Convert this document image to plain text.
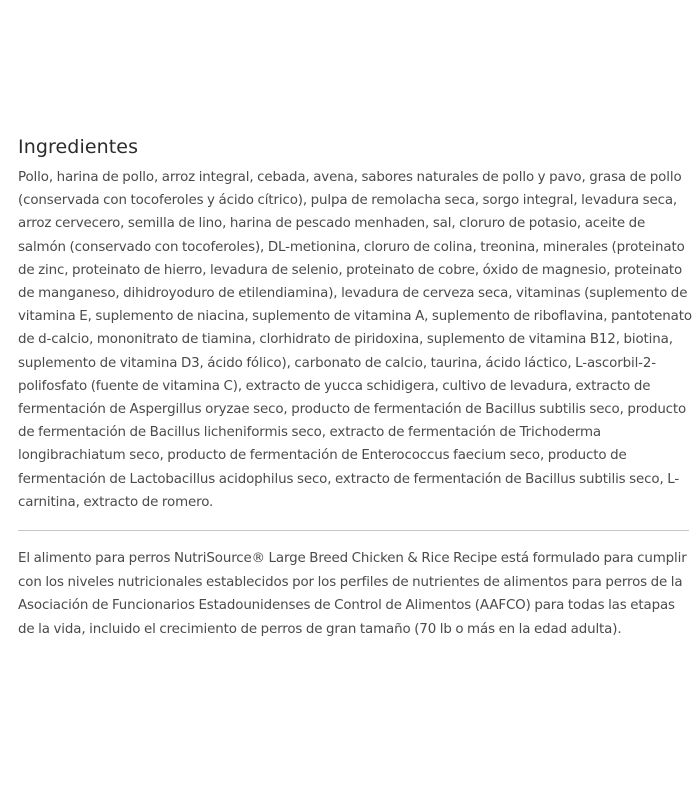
Ingredientes

Pollo, harina de pollo, arroz integral, cebada, avena, sabores naturales de pollo y pavo, grasa de pollo (conservada con tocoferoles y ácido cítrico), pulpa de remolacha seca, sorgo integral, levadura seca, arroz cervecero, semilla de lino, harina de pescado menhaden, sal, cloruro de potasio, aceite de salmón (conservado con tocoferoles), DL-metionina, cloruro de colina, treonina, minerales (proteinato de zinc, proteinato de hierro, levadura de selenio, proteinato de cobre, óxido de magnesio, proteinato de manganeso, dihidroyoduro de etilendiamina), levadura de cerveza seca, vitaminas (suplemento de vitamina E, suplemento de niacina, suplemento de vitamina A, suplemento de riboflavina, pantotenato de d-calcio, mononitrato de tiamina, clorhidrato de piridoxina, suplemento de vitamina B12, biotina, suplemento de vitamina D3, ácido fólico), carbonato de calcio, taurina, ácido láctico, L-ascorbil-2-polifosfato (fuente de vitamina C), extracto de yucca schidigera, cultivo de levadura, extracto de fermentación de Aspergillus oryzae seco, producto de fermentación de Bacillus subtilis seco, producto de fermentación de Bacillus licheniformis seco, extracto de fermentación de Trichoderma longibrachiatum seco, producto de fermentación de Enterococcus faecium seco, producto de fermentación de Lactobacillus acidophilus seco, extracto de fermentación de Bacillus subtilis seco, L-carnitina, extracto de romero.

El alimento para perros NutriSource® Large Breed Chicken & Rice Recipe está formulado para cumplir con los niveles nutricionales establecidos por los perfiles de nutrientes de alimentos para perros de la Asociación de Funcionarios Estadounidenses de Control de Alimentos (AAFCO) para todas las etapas de la vida, incluido el crecimiento de perros de gran tamaño (70 lb o más en la edad adulta).
